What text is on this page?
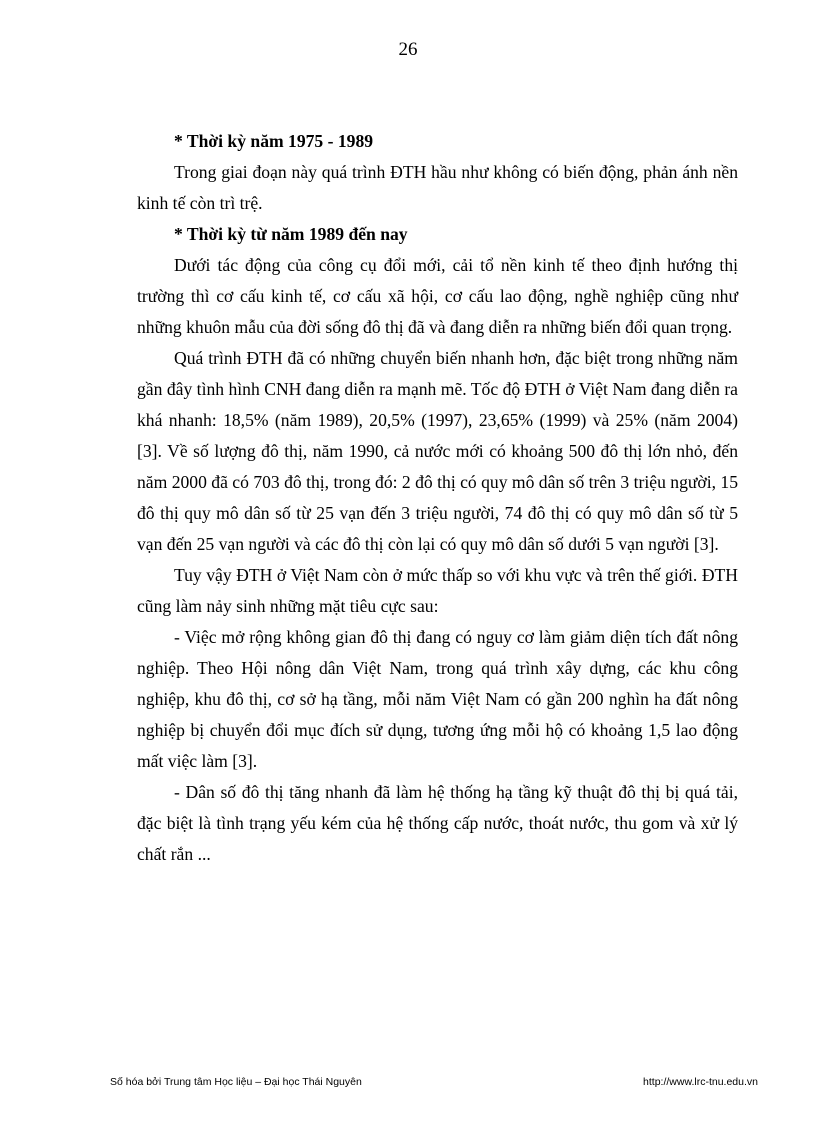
26

* Thời kỳ năm 1975 - 1989

Trong giai đoạn này quá trình ĐTH hầu như không có biến động, phản ánh nền kinh tế còn trì trệ.

* Thời kỳ từ năm 1989 đến nay

Dưới tác động của công cụ đổi mới, cải tổ nền kinh tế theo định hướng thị trường thì cơ cấu kinh tế, cơ cấu xã hội, cơ cấu lao động, nghề nghiệp cũng như những khuôn mẫu của đời sống đô thị đã và đang diễn ra những biến đổi quan trọng.

Quá trình ĐTH đã có những chuyển biến nhanh hơn, đặc biệt trong những năm gần đây tình hình CNH đang diễn ra mạnh mẽ. Tốc độ ĐTH ở Việt Nam đang diễn ra khá nhanh: 18,5% (năm 1989), 20,5% (1997), 23,65% (1999) và 25% (năm 2004) [3]. Về số lượng đô thị, năm 1990, cả nước mới có khoảng 500 đô thị lớn nhỏ, đến năm 2000 đã có 703 đô thị, trong đó: 2 đô thị có quy mô dân số trên 3 triệu người, 15 đô thị quy mô dân số từ 25 vạn đến 3 triệu người, 74 đô thị có quy mô dân số từ 5 vạn đến 25 vạn người và các đô thị còn lại có quy mô dân số dưới 5 vạn người [3].

Tuy vậy ĐTH ở Việt Nam còn ở mức thấp so với khu vực và trên thế giới. ĐTH cũng làm nảy sinh những mặt tiêu cực sau:

- Việc mở rộng không gian đô thị đang có nguy cơ làm giảm diện tích đất nông nghiệp. Theo Hội nông dân Việt Nam, trong quá trình xây dựng, các khu công nghiệp, khu đô thị, cơ sở hạ tầng, mỗi năm Việt Nam có gần 200 nghìn ha đất nông nghiệp bị chuyển đổi mục đích sử dụng, tương ứng mỗi hộ có khoảng 1,5 lao động mất việc làm [3].

- Dân số đô thị tăng nhanh đã làm hệ thống hạ tầng kỹ thuật đô thị bị quá tải, đặc biệt là tình trạng yếu kém của hệ thống cấp nước, thoát nước, thu gom và xử lý chất rắn ...

Số hóa bởi Trung tâm Học liệu – Đại học Thái Nguyên	http://www.lrc-tnu.edu.vn
